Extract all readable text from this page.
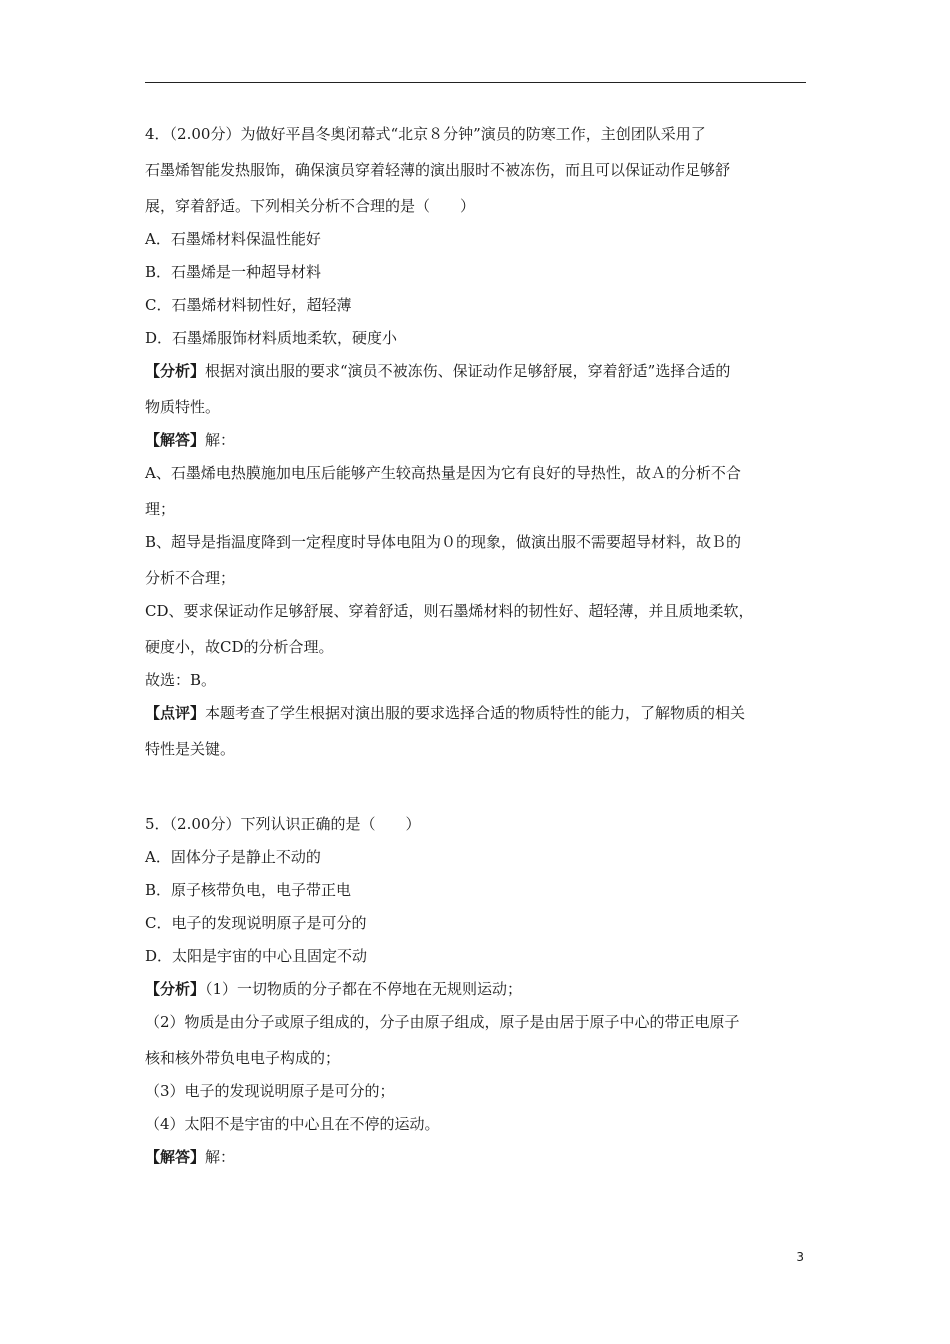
4．（2.00分）为做好平昌冬奥闭幕式“北京８分钟”演员的防寒工作，主创团队采用了
石墨烯智能发热服饰，确保演员穿着轻薄的演出服时不被冻伤，而且可以保证动作足够舒
展，穿着舒适。下列相关分析不合理的是（　　）
A．石墨烯材料保温性能好
B．石墨烯是一种超导材料
C．石墨烯材料韧性好，超轻薄
D．石墨烯服饰材料质地柔软，硬度小
【分析】根据对演出服的要求“演员不被冻伤、保证动作足够舒展，穿着舒适”选择合适的
物质特性。
【解答】解：
A、石墨烯电热膜施加电压后能够产生较高热量是因为它有良好的导热性，故Ａ的分析不合
理；
B、超导是指温度降到一定程度时导体电阻为０的现象，做演出服不需要超导材料，故Ｂ的
分析不合理；
CD、要求保证动作足够舒展、穿着舒适，则石墨烯材料的韧性好、超轻薄，并且质地柔软，
硬度小，故CD的分析合理。
故选：B。
【点评】本题考查了学生根据对演出服的要求选择合适的物质特性的能力，了解物质的相关
特性是关键。
5．（2.00分）下列认识正确的是（　　）
A．固体分子是静止不动的
B．原子核带负电，电子带正电
C．电子的发现说明原子是可分的
D．太阳是宇宙的中心且固定不动
【分析】（1）一切物质的分子都在不停地在无规则运动；
（2）物质是由分子或原子组成的，分子由原子组成，原子是由居于原子中心的带正电原子
核和核外带负电电子构成的；
（3）电子的发现说明原子是可分的；
（4）太阳不是宇宙的中心且在不停的运动。
【解答】解：
3
